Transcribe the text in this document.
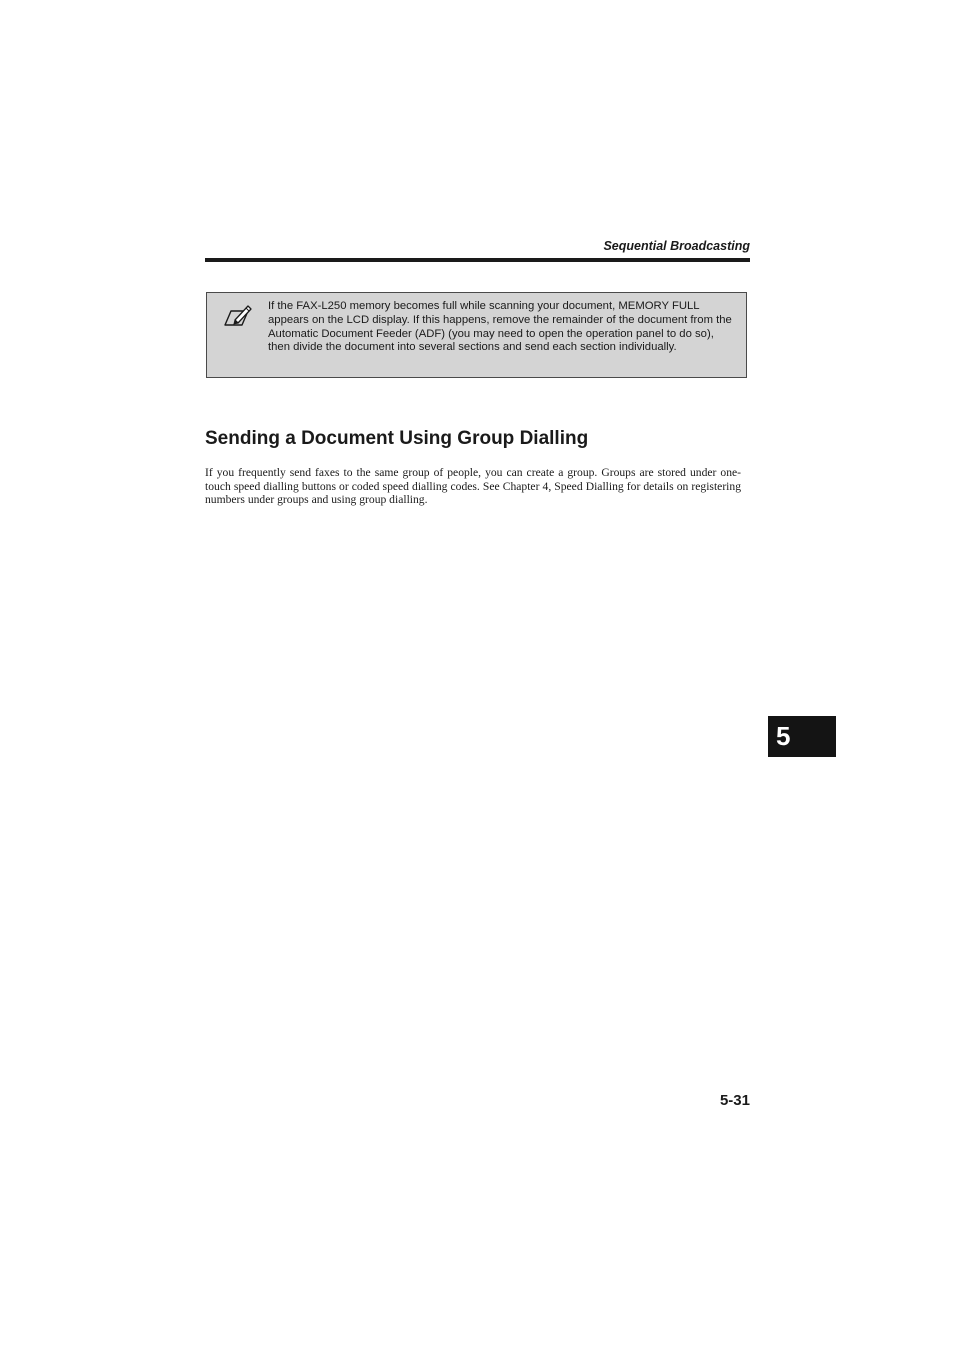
Sequential Broadcasting
If the FAX-L250 memory becomes full while scanning your document, MEMORY FULL appears on the LCD display. If this happens, remove the remainder of the document from the Automatic Document Feeder (ADF) (you may need to open the operation panel to do so), then divide the document into several sections and send each section individually.
Sending a Document Using Group Dialling

If you frequently send faxes to the same group of people, you can create a group. Groups are stored under one-touch speed dialling buttons or coded speed dialling codes. See Chapter 4, Speed Dialling for details on registering numbers under groups and using group dialling.

5
5-31
